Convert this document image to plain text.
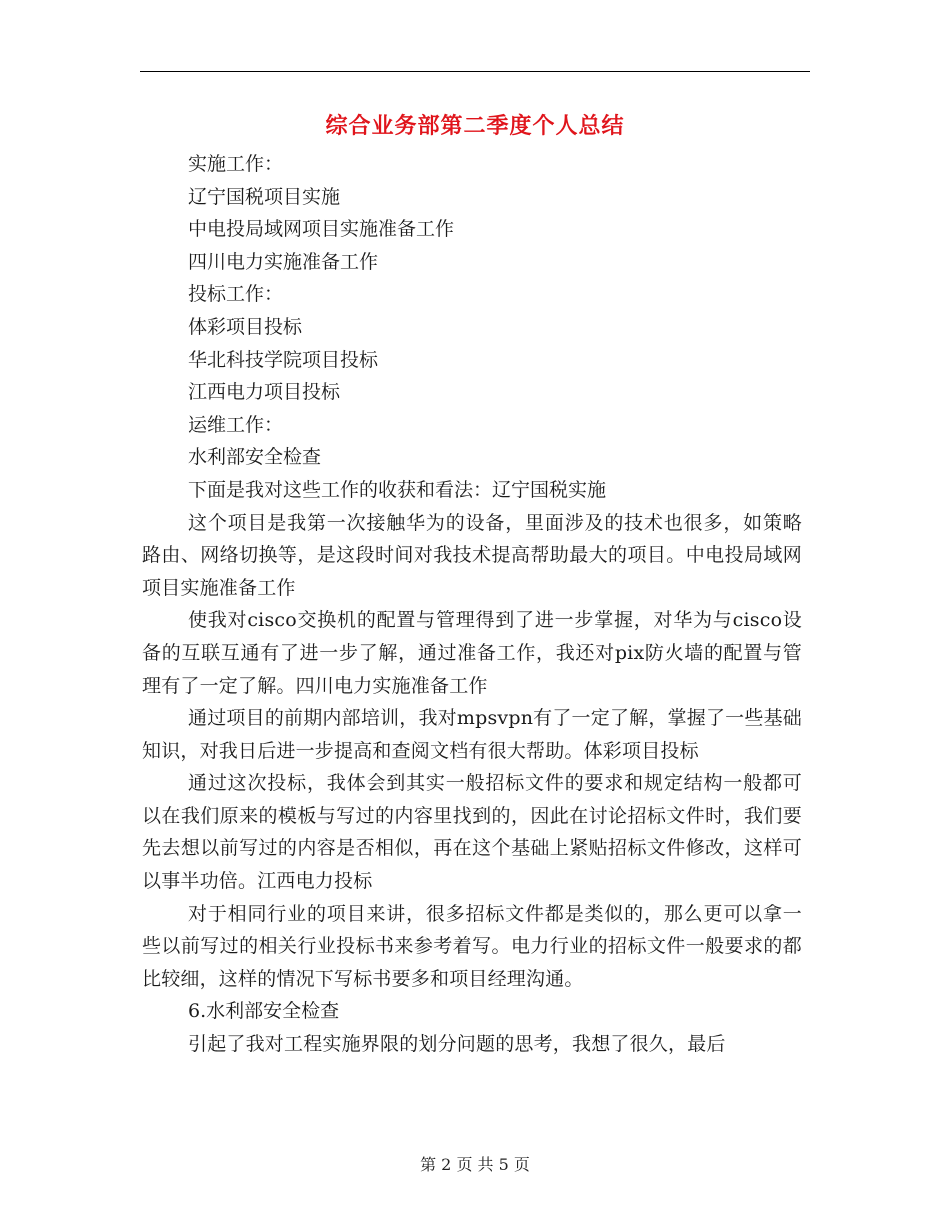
综合业务部第二季度个人总结
实施工作：
辽宁国税项目实施
中电投局域网项目实施准备工作
四川电力实施准备工作
投标工作：
体彩项目投标
华北科技学院项目投标
江西电力项目投标
运维工作：
水利部安全检查
下面是我对这些工作的收获和看法：辽宁国税实施

这个项目是我第一次接触华为的设备，里面涉及的技术也很多，如策略路由、网络切换等，是这段时间对我技术提高帮助最大的项目。中电投局域网项目实施准备工作

使我对cisco交换机的配置与管理得到了进一步掌握，对华为与cisco设备的互联互通有了进一步了解，通过准备工作，我还对pix防火墙的配置与管理有了一定了解。四川电力实施准备工作

通过项目的前期内部培训，我对mpsvpn有了一定了解，掌握了一些基础知识，对我日后进一步提高和查阅文档有很大帮助。体彩项目投标

通过这次投标，我体会到其实一般招标文件的要求和规定结构一般都可以在我们原来的模板与写过的内容里找到的，因此在讨论招标文件时，我们要先去想以前写过的内容是否相似，再在这个基础上紧贴招标文件修改，这样可以事半功倍。江西电力投标

对于相同行业的项目来讲，很多招标文件都是类似的，那么更可以拿一些以前写过的相关行业投标书来参考着写。电力行业的招标文件一般要求的都比较细，这样的情况下写标书要多和项目经理沟通。

6.水利部安全检查

引起了我对工程实施界限的划分问题的思考，我想了很久，最后

第 2 页 共 5 页
